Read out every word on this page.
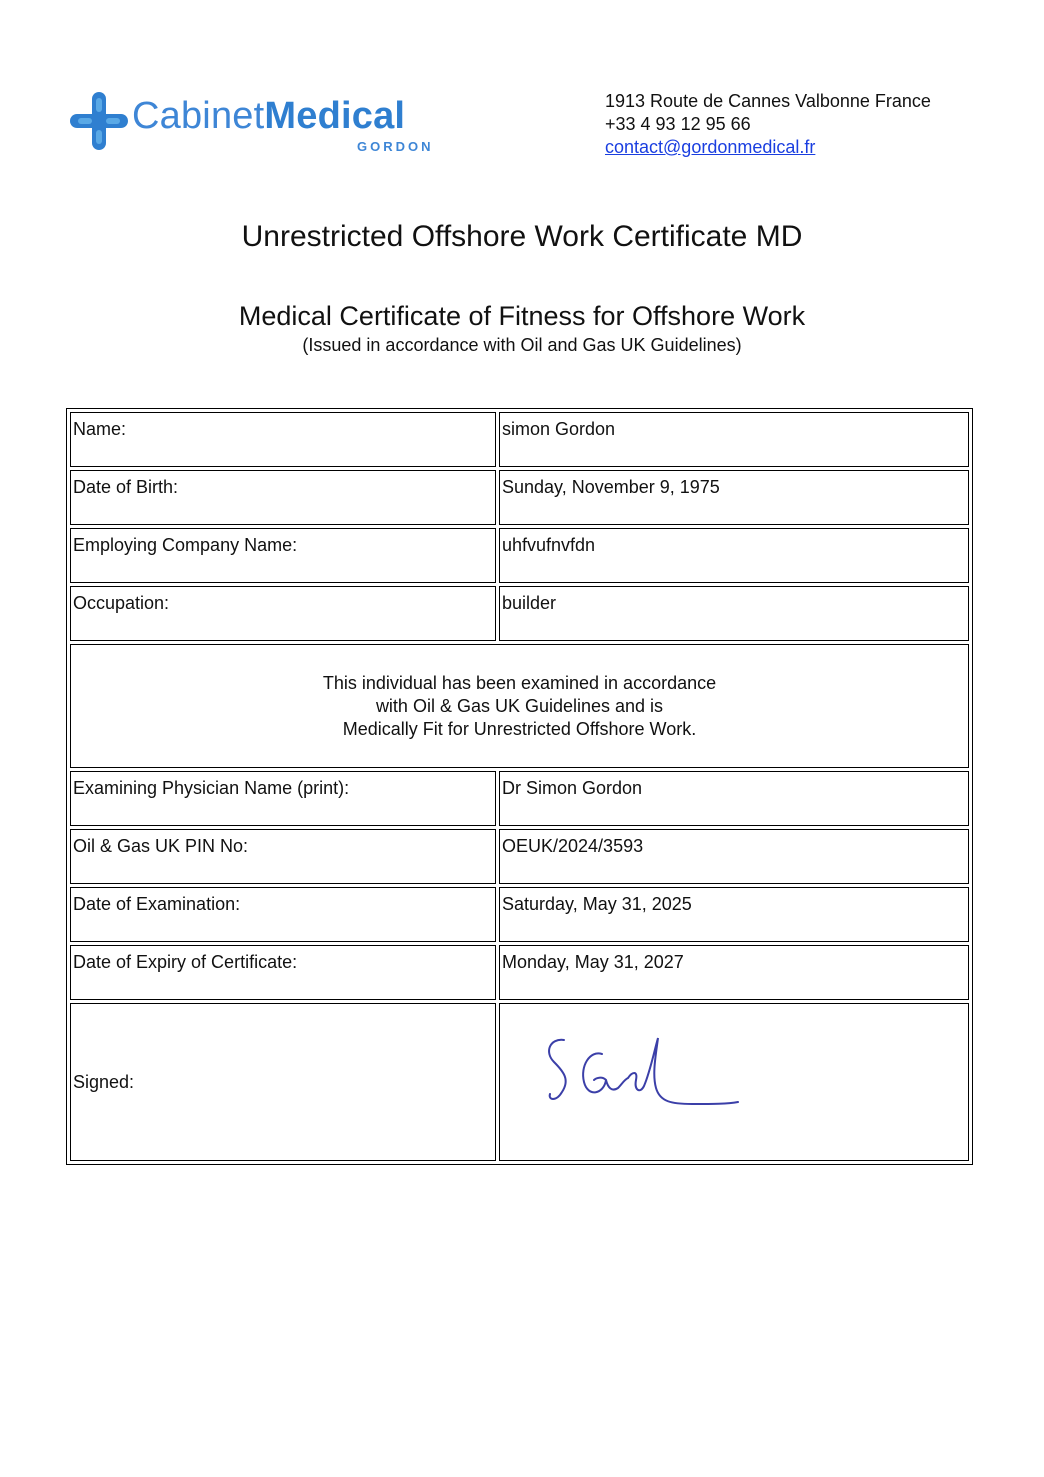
CabinetMedical
GORDON
1913 Route de Cannes Valbonne France
+33 4 93 12 95 66
contact@gordonmedical.fr
Unrestricted Offshore Work Certificate MD
Medical Certificate of Fitness for Offshore Work
(Issued in accordance with Oil and Gas UK Guidelines)
Name:	simon Gordon
Date of Birth:	Sunday, November 9, 1975
Employing Company Name:	uhfvufnvfdn
Occupation:	builder

This individual has been examined in accordance
with Oil & Gas UK Guidelines and is
Medically Fit for Unrestricted Offshore Work.	

Examining Physician Name (print):	Dr Simon Gordon
Oil & Gas UK PIN No:	OEUK/2024/3593
Date of Examination:	Saturday, May 31, 2025
Date of Expiry of Certificate:	Monday, May 31, 2027
Signed:	
